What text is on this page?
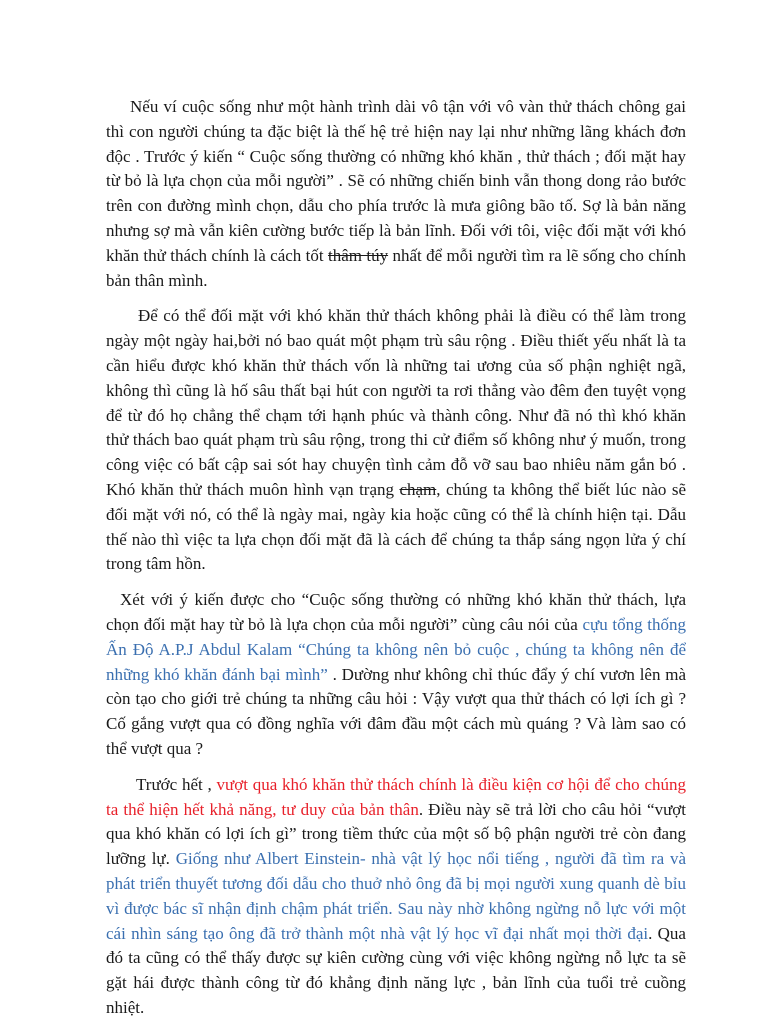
Nếu ví cuộc sống như một hành trình dài vô tận với vô vàn thử thách chông gai thì con người chúng ta đặc biệt là thế hệ trẻ hiện nay lại như những lãng khách đơn độc . Trước ý kiến “ Cuộc sống thường có những khó khăn , thử thách ; đối mặt hay từ bỏ là lựa chọn của mỗi người” . Sẽ có những chiến binh vẫn thong dong rảo bước trên con đường mình chọn, dẫu cho phía trước là mưa giông bão tố. Sợ là bản năng nhưng sợ mà vẫn kiên cường bước tiếp là bản lĩnh. Đối với tôi, việc đối mặt với khó khăn thử thách chính là cách tốt thâm túy nhất để mỗi người tìm ra lẽ sống cho chính bản thân mình.

Để có thể đối mặt với khó khăn thử thách không phải là điều có thể làm trong ngày một ngày hai,bởi nó bao quát một phạm trù sâu rộng . Điều thiết yếu nhất là ta cần hiểu được khó khăn thử thách vốn là những tai ương của số phận nghiệt ngã, không thì cũng là hố sâu thất bại hút con người ta rơi thẳng vào đêm đen tuyệt vọng để từ đó họ chẳng thể chạm tới hạnh phúc và thành công. Như đã nó thì khó khăn thử thách bao quát phạm trù sâu rộng, trong thi cử điểm số không như ý muốn, trong công việc có bất cập sai sót hay chuyện tình cảm đỗ vỡ sau bao nhiêu năm gắn bó . Khó khăn thử thách muôn hình vạn trạng chạm, chúng ta không thể biết lúc nào sẽ đối mặt với nó, có thể là ngày mai, ngày kia hoặc cũng có thể là chính hiện tại. Dẫu thế nào thì việc ta lựa chọn đối mặt đã là cách để chúng ta thắp sáng ngọn lửa ý chí trong tâm hồn.

Xét với ý kiến được cho “Cuộc sống thường có những khó khăn thử thách, lựa chọn đối mặt hay từ bỏ là lựa chọn của mỗi người” cùng câu nói của cựu tổng thống Ấn Độ A.P.J Abdul Kalam “Chúng ta không nên bỏ cuộc , chúng ta không nên để những khó khăn đánh bại mình” . Dường như không chỉ thúc đẩy ý chí vươn lên mà còn tạo cho giới trẻ chúng ta những câu hỏi : Vậy vượt qua thử thách có lợi ích gì ? Cố gắng vượt qua có đồng nghĩa với đâm đầu một cách mù quáng ? Và làm sao có thể vượt qua ?

Trước hết , vượt qua khó khăn thử thách chính là điều kiện cơ hội để cho chúng ta thể hiện hết khả năng, tư duy của bản thân. Điều này sẽ trả lời cho câu hỏi “vượt qua khó khăn có lợi ích gì” trong tiềm thức của một số bộ phận người trẻ còn đang lưỡng lự. Giống như Albert Einstein- nhà vật lý học nổi tiếng , người đã tìm ra và phát triển thuyết tương đối dẫu cho thuở nhỏ ông đã bị mọi người xung quanh dè bỉu vì được bác sĩ nhận định chậm phát triển. Sau này nhờ không ngừng nỗ lực với một cái nhìn sáng tạo ông đã trở thành một nhà vật lý học vĩ đại nhất mọi thời đại. Qua đó ta cũng có thể thấy được sự kiên cường cùng với việc không ngừng nỗ lực ta sẽ gặt hái được thành công từ đó khẳng định năng lực , bản lĩnh của tuổi trẻ cuồng nhiệt.
